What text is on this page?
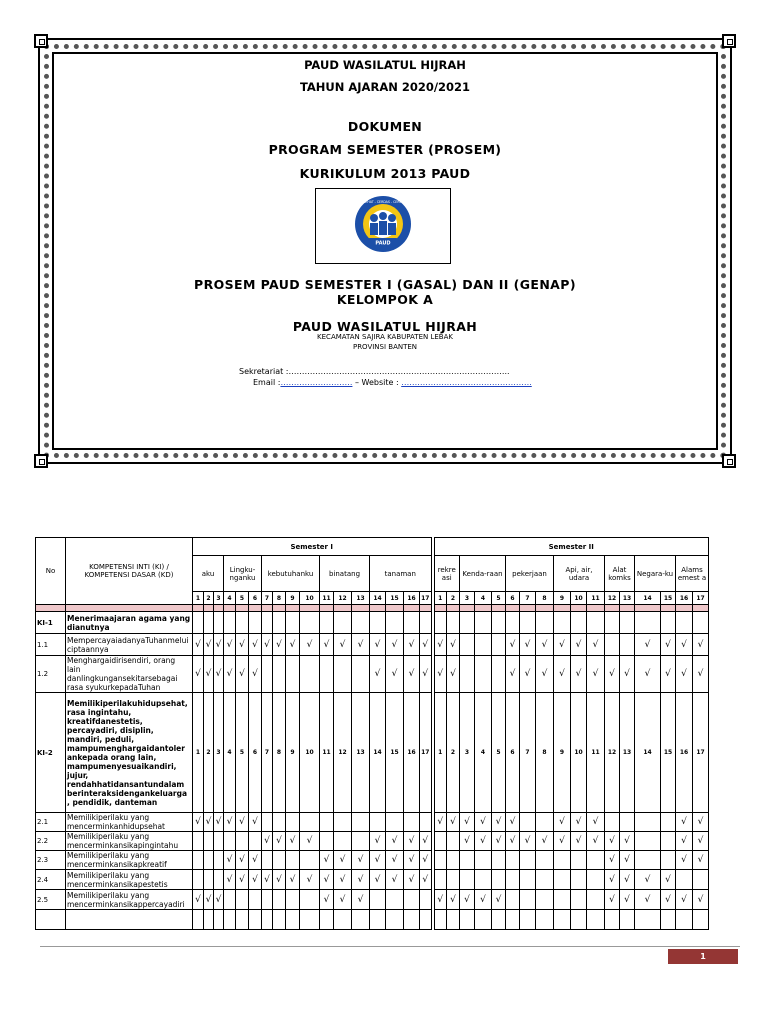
PAUD WASILATUL HIJRAH
TAHUN AJARAN 2020/2021
DOKUMEN
PROGRAM SEMESTER (PROSEM)
KURIKULUM 2013 PAUD
PAUD
SEHAT - CERDAS - CERIA
PROSEM PAUD SEMESTER I (GASAL) DAN II (GENAP)
KELOMPOK A
PAUD WASILATUL HIJRAH
KECAMATAN SAJIRA KABUPATEN LEBAK
PROVINSI BANTEN
Sekretariat :………………………………………………………………………..
Email :……………………… – Website : ………………………………………….
No	KOMPETENSI INTI (KI) / KOMPETENSI DASAR (KD)	Semester I																	Semester II																
		aku			Lingku-nganku			kebutuhanku				binatang			tanaman				rekre asi		Kenda-raan			pekerjaan			Api, air, udara			Alat komks		Negara-ku		Alams emest a	
		1	2	3	4	5	6	7	8	9	10	11	12	13	14	15	16	17	1	2	3	4	5	6	7	8	9	10	11	12	13	14	15	16	17

KI-1	Menerimaajaran agama yang dianutnya																																		
1.1	MempercayaiadanyaTuhanmelui ciptaannya	√	√	√	√	√	√	√	√	√	√	√	√	√	√	√	√	√	√	√				√	√	√	√	√	√			√	√	√	√
1.2	Menghargaidirisendiri, orang lain danlingkungansekitarsebagai rasa syukurkepadaTuhan	√	√	√	√	√	√								√	√	√	√	√	√				√	√	√	√	√	√	√	√	√	√	√	√
KI-2	Memilikiperilakuhidupsehat, rasa ingintahu, kreatifdanestetis, percayadiri, disiplin, mandiri, peduli, mampumenghargaidantoler ankepada orang lain, mampumenyesuaikandiri, jujur, rendahhatidansantundalam berinteraksidengankeluarga , pendidik, danteman	1	2	3	4	5	6	7	8	9	10	11	12	13	14	15	16	17	1	2	3	4	5	6	7	8	9	10	11	12	13	14	15	16	17
2.1	Memilikiperilaku yang mencerminkanhidupsehat	√	√	√	√	√	√												√	√	√	√	√	√			√	√	√					√	√
2.2	Memilikiperilaku yang mencerminkansikapingintahu							√	√	√	√				√	√	√	√			√	√	√	√	√	√	√	√	√	√	√			√	√
2.3	Memilikiperilaku yang mencerminkansikapkreatif				√	√	√					√	√	√	√	√	√	√												√	√			√	√
2.4	Memilikiperilaku yang mencerminkansikapestetis				√	√	√	√	√	√	√	√	√	√	√	√	√	√												√	√	√	√		
2.5	Memilikiperilaku yang mencerminkansikappercayadiri	√	√	√								√	√	√					√	√	√	√	√							√	√	√	√	√	√

1
